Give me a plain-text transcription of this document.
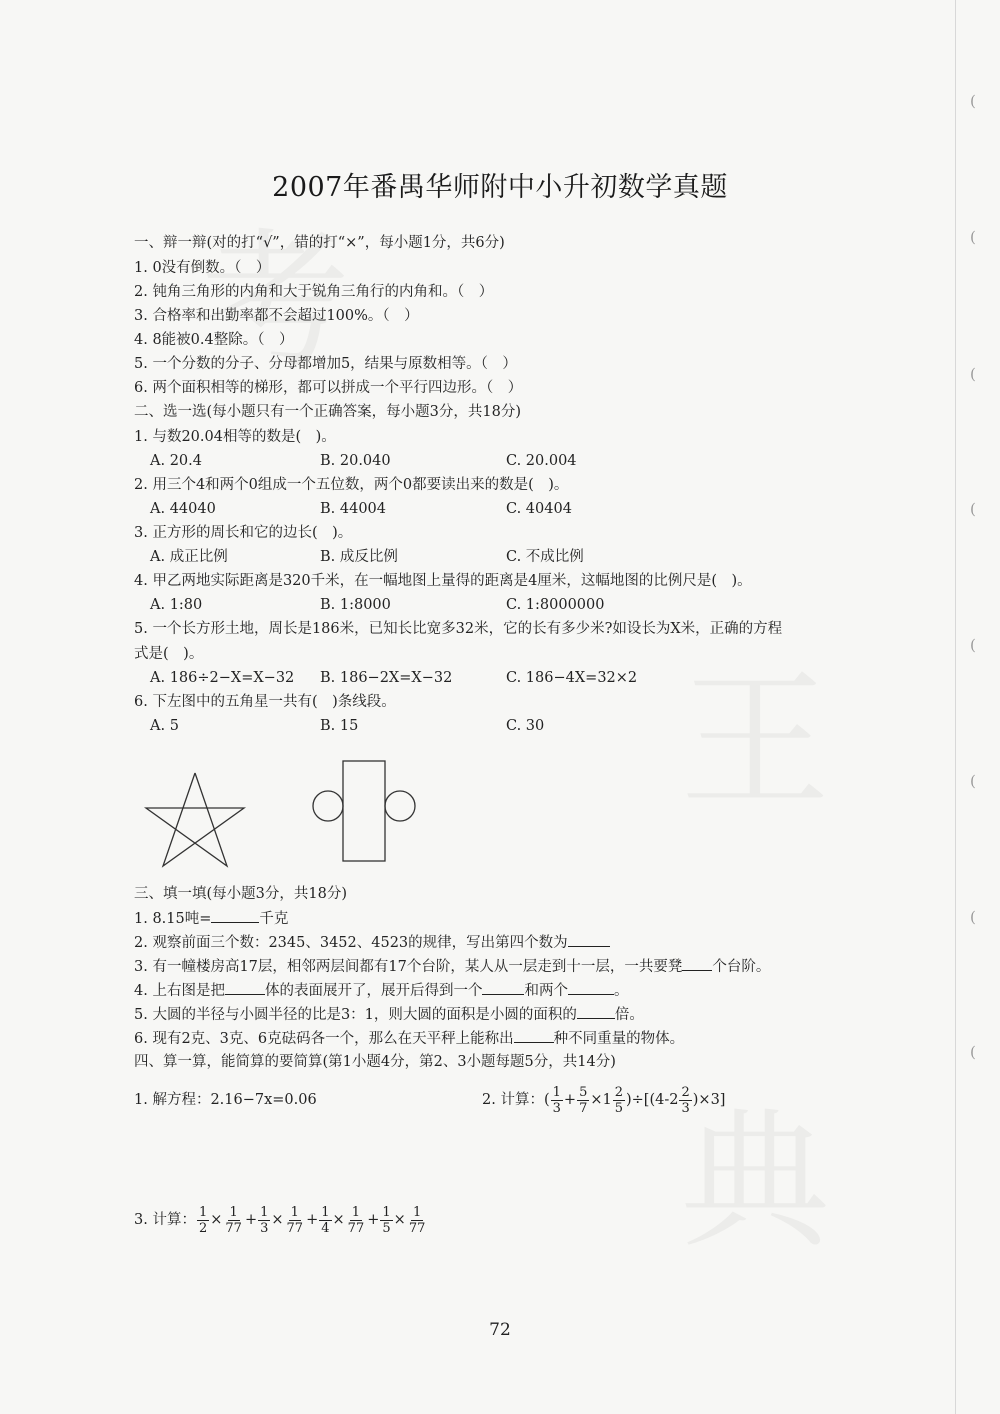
(
(
(
(
(
(
(
(
2007年番禺华师附中小升初数学真题
一、辩一辩(对的打“√”，错的打“×”，每小题1分，共6分)
1. 0没有倒数。（　）
2. 钝角三角形的内角和大于锐角三角行的内角和。（　）
3. 合格率和出勤率都不会超过100%。（　）
4. 8能被0.4整除。（　）
5. 一个分数的分子、分母都增加5，结果与原数相等。（　）
6. 两个面积相等的梯形，都可以拼成一个平行四边形。（　）
二、选一选(每小题只有一个正确答案，每小题3分，共18分)
1. 与数20.04相等的数是(　)。
A. 20.4	B. 20.040	C. 20.004
2. 用三个4和两个0组成一个五位数，两个0都要读出来的数是(　)。
A. 44040	B. 44004	C. 40404
3. 正方形的周长和它的边长(　)。
A. 成正比例	B. 成反比例	C. 不成比例
4. 甲乙两地实际距离是320千米，在一幅地图上量得的距离是4厘米，这幅地图的比例尺是(　)。
A. 1:80	B. 1:8000	C. 1:8000000
5. 一个长方形土地，周长是186米，已知长比宽多32米，它的长有多少米?如设长为X米，正确的方程
式是(　)。
A. 186÷2−X=X−32 B. 186−2X=X−32	C. 186−4X=32×2
6. 下左图中的五角星一共有(　)条线段。
A. 5	B. 15	C. 30
三、填一填(每小题3分，共18分)
1. 8.15吨=	千克
2. 观察前面三个数：2345、3452、4523的规律，写出第四个数为
3. 有一幢楼房高17层，相邻两层间都有17个台阶，某人从一层走到十一层，一共要凳 个台阶。
4. 上右图是把	体的表面展开了，展开后得到一个	和两个	。
5. 大圆的半径与小圆半径的比是3：1，则大圆的面积是小圆的面积的	倍。
6. 现有2克、3克、6克砝码各一个，那么在天平秤上能称出	种不同重量的物体。
四、算一算，能简算的要简算(第1小题4分，第2、3小题每题5分，共14分)
1. 解方程：2.16−7x=0.06	2. 计算：( $\frac{1}{3} + \frac{5}{7} \times 1 \frac{2}{5} )\div[(4-2 \frac{2}{3} )\times 3]$
3. 计算： $\frac{1}{2} \times \frac{1}{77} + \frac{1}{3} \times \frac{1}{77} + \frac{1}{4} \times \frac{1}{77} + \frac{1}{5} \times \frac{1}{77}$
72
